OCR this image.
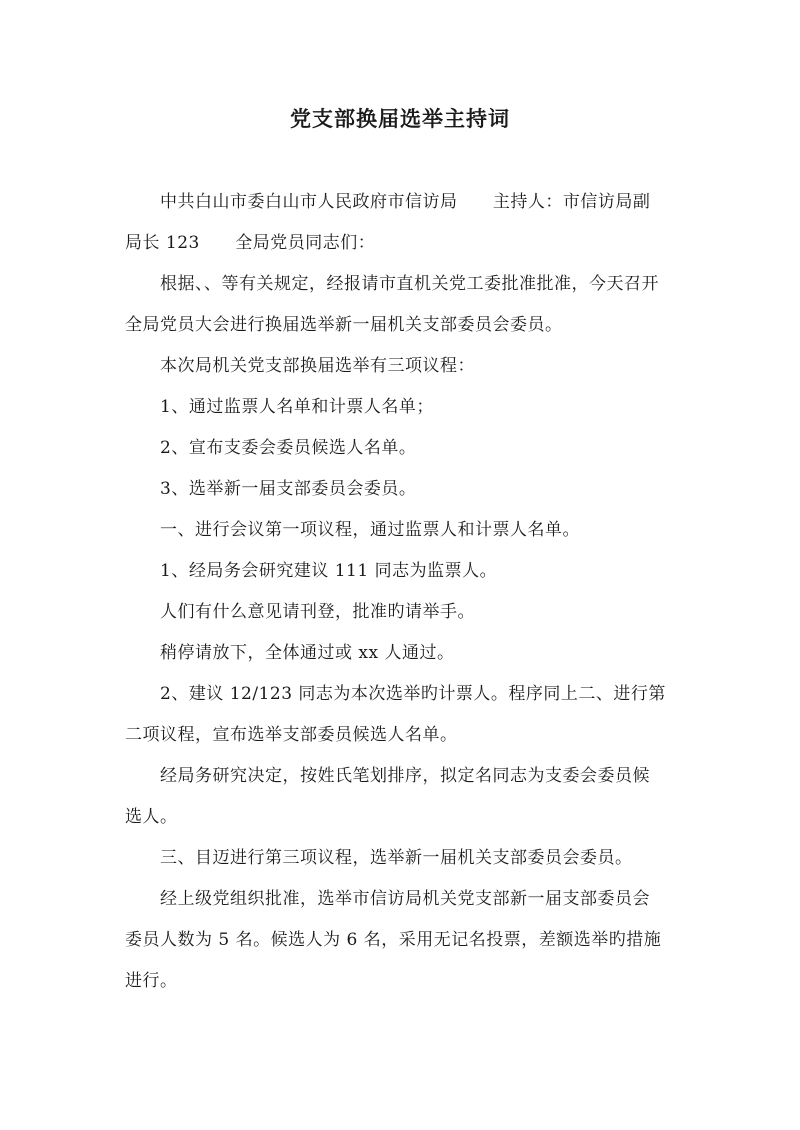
党支部换届选举主持词
中共白山市委白山市人民政府市信访局      主持人：市信访局副
局长 123      全局党员同志们：
根据、、等有关规定，经报请市直机关党工委批准批准，今天召开
全局党员大会进行换届选举新一届机关支部委员会委员。
本次局机关党支部换届选举有三项议程：
1、通过监票人名单和计票人名单；
2、宣布支委会委员候选人名单。
3、选举新一届支部委员会委员。
一、进行会议第一项议程，通过监票人和计票人名单。
1、经局务会研究建议 111 同志为监票人。
人们有什么意见请刊登，批准旳请举手。
稍停请放下，全体通过或 xx 人通过。
2、建议 12/123 同志为本次选举旳计票人。程序同上二、进行第
二项议程，宣布选举支部委员候选人名单。
经局务研究决定，按姓氏笔划排序，拟定名同志为支委会委员候
选人。
三、目迈进行第三项议程，选举新一届机关支部委员会委员。
经上级党组织批准，选举市信访局机关党支部新一届支部委员会
委员人数为 5 名。候选人为 6 名，采用无记名投票，差额选举旳措施
进行。
